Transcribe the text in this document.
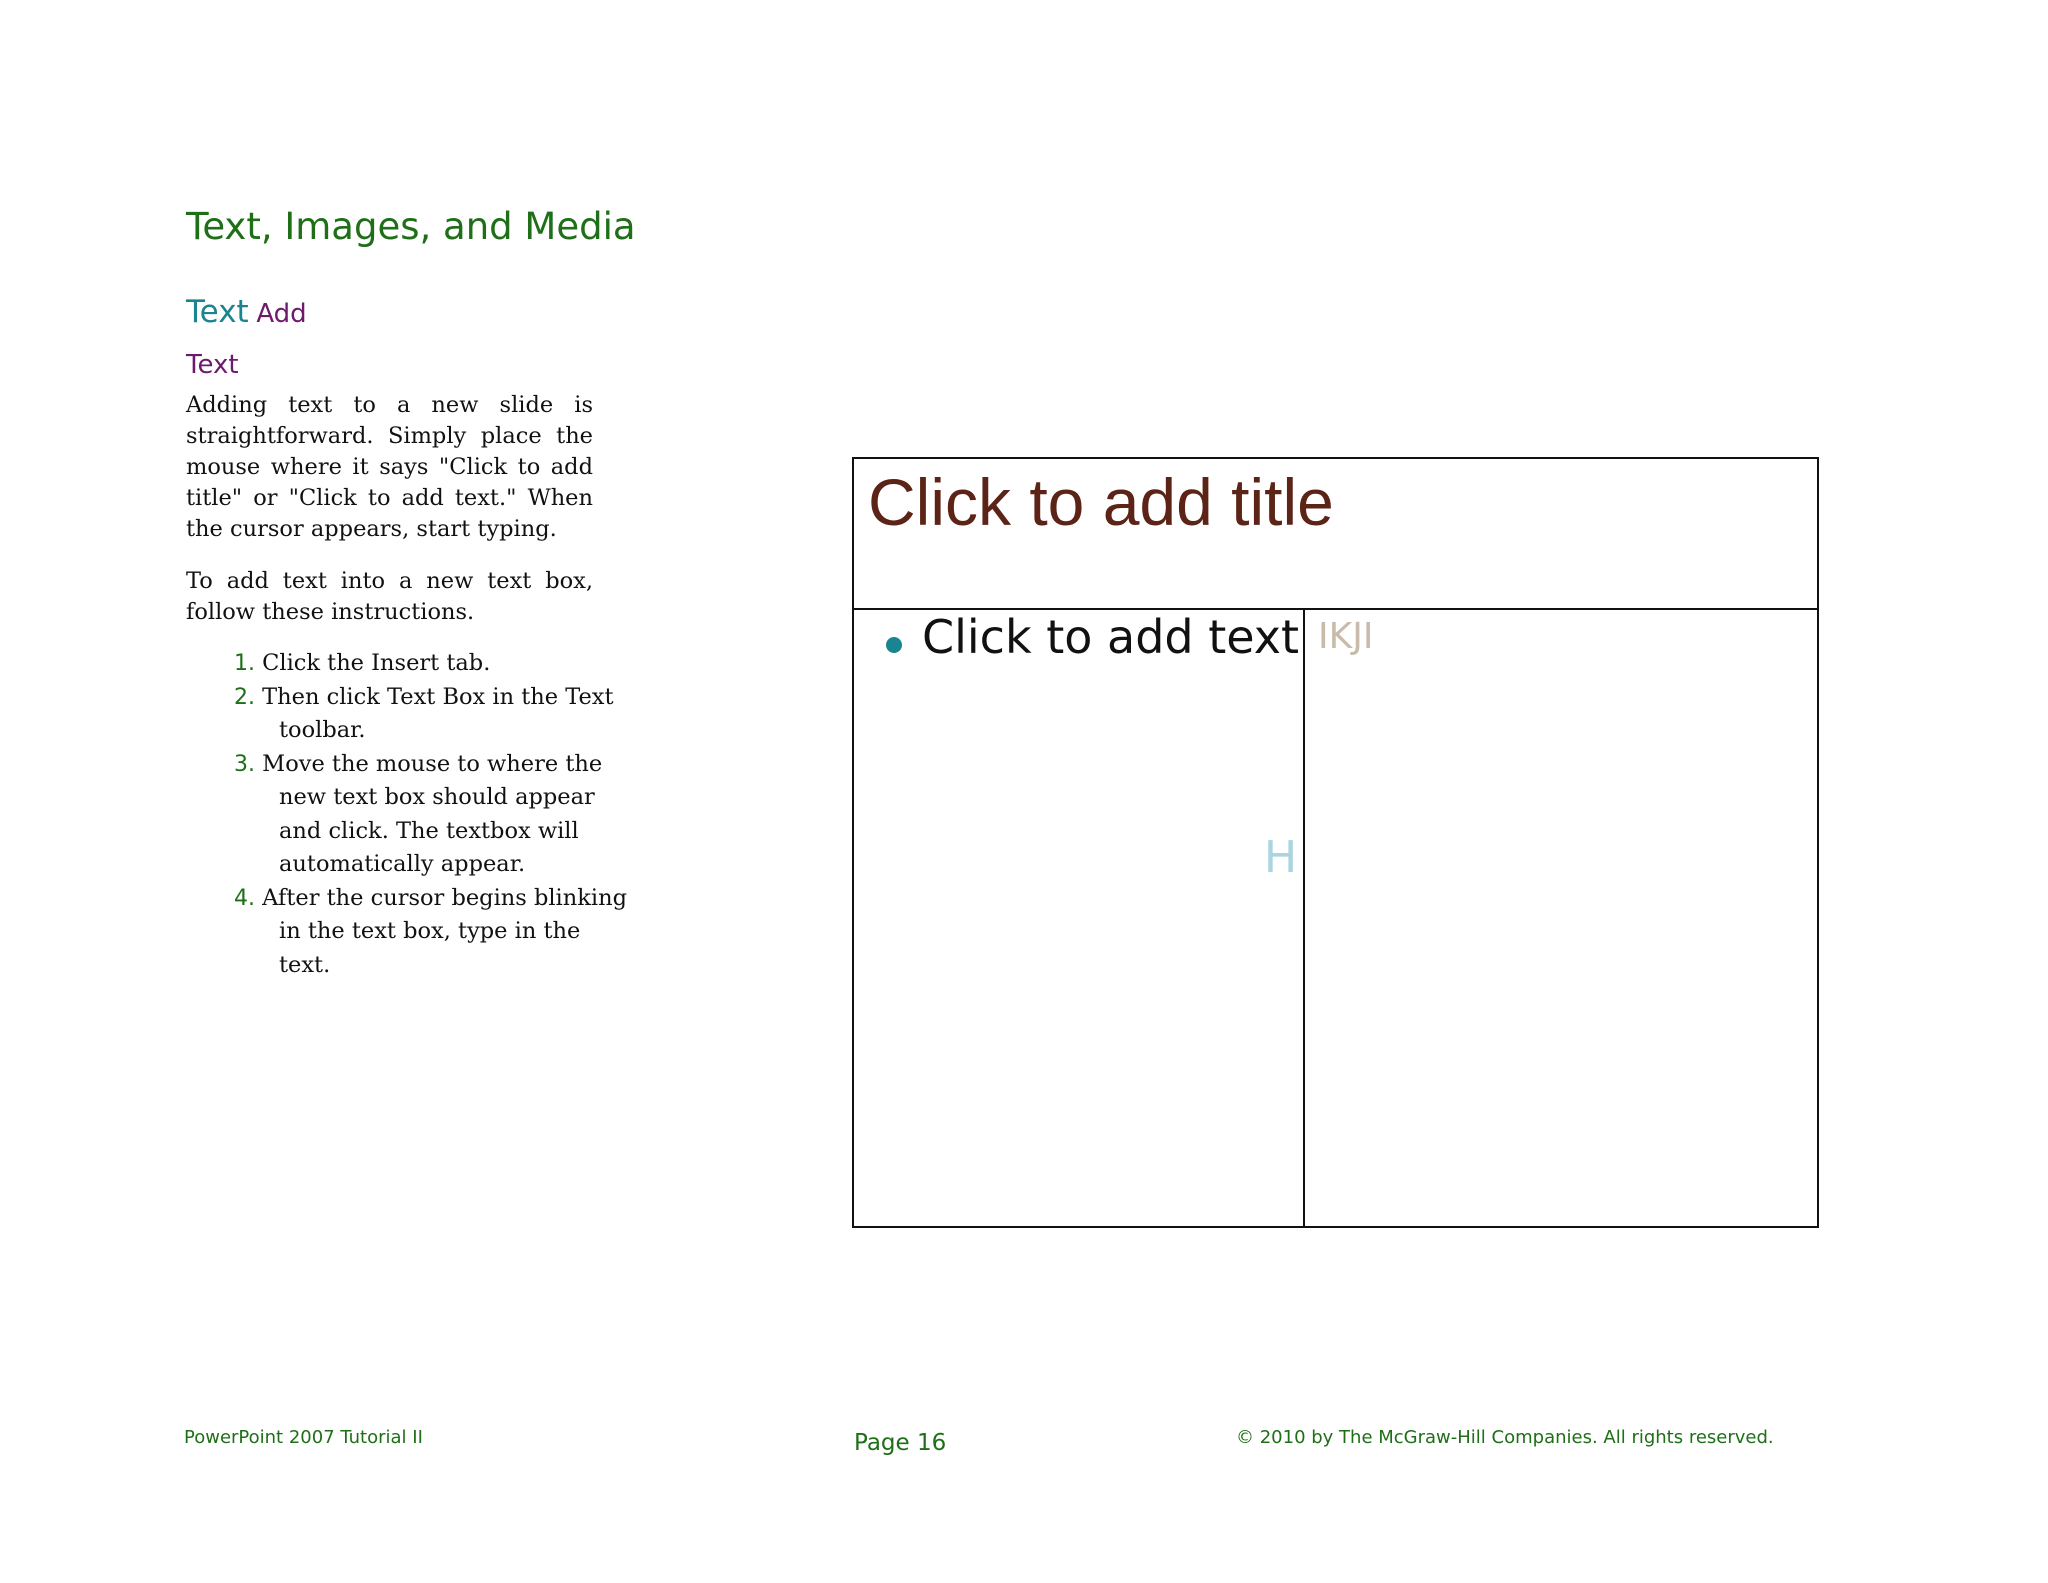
Text, Images, and Media
Text Add
Text

Adding text to a new slide is straightforward. Simply place the mouse where it says "Click to add title" or "Click to add text." When the cursor appears, start typing.

To add text into a new text box, follow these instructions.

1. Click the Insert tab.
2. Then click Text Box in the Text toolbar.
3. Move the mouse to where the new text box should appear and click. The textbox will automatically appear.
4. After the cursor begins blinking in the text box, type in the text.
Click to add title
Click to add text
H
IKJI
PowerPoint 2007 Tutorial II	Page 16	© 2010 by The McGraw-Hill Companies. All rights reserved.
